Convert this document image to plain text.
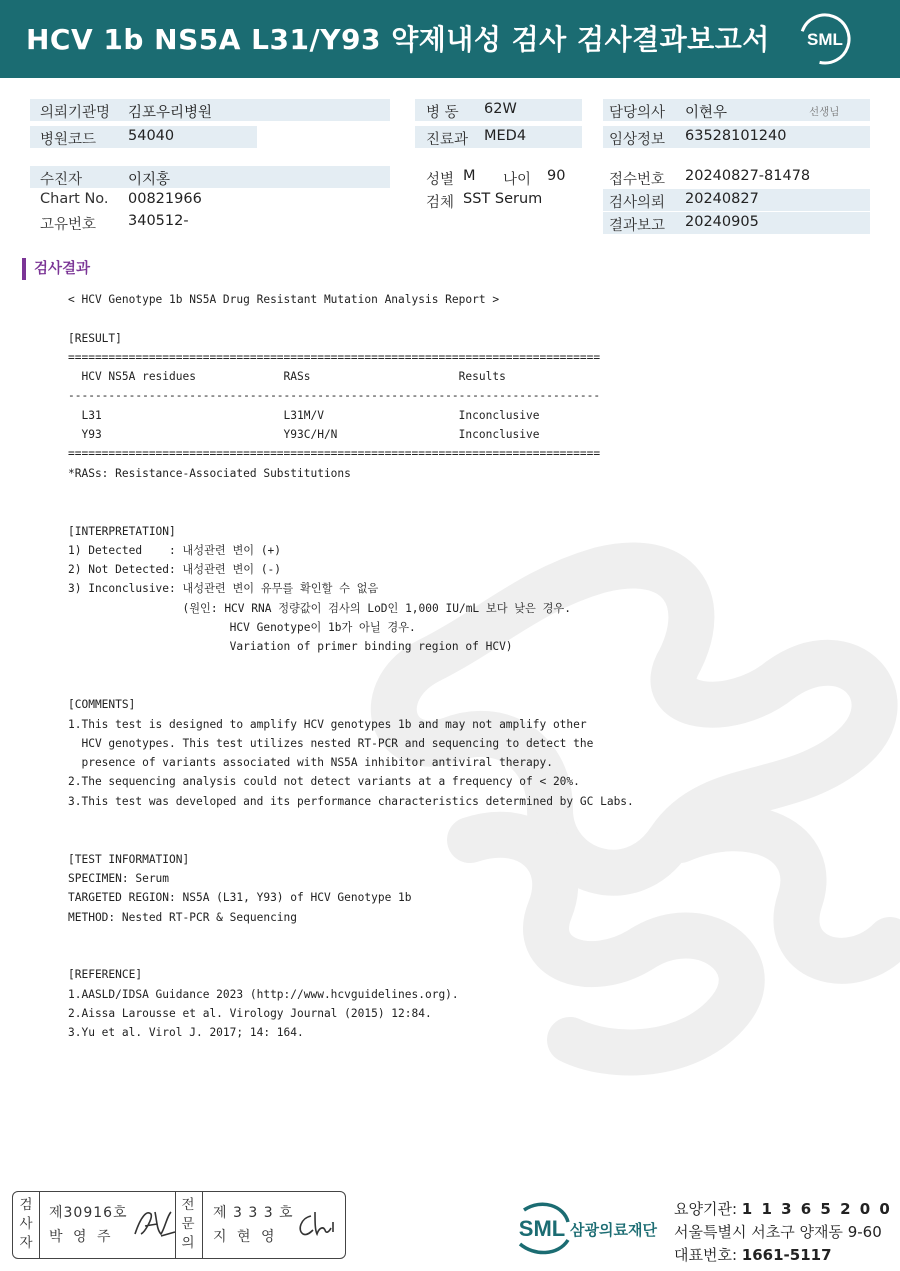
HCV 1b NS5A L31/Y93 약제내성 검사 검사결과보고서 SML
의뢰기관명 김포우리병원
병원코드 54040
수진자	이지홍
Chart No. 00821966
고유번호 340512-
병 동 62W
진료과 MED4
성별 M 나이 90
검체 SST Serum
담당의사 이현우	선생님
임상정보 63528101240
접수번호 20240827-81478
검사의뢰 20240827
결과보고 20240905
검사결과
< HCV Genotype 1b NS5A Drug Resistant Mutation Analysis Report >

[RESULT]
===============================================================================
HCV NS5A residues             RASs                      Results
-------------------------------------------------------------------------------
L31                           L31M/V                    Inconclusive
Y93                           Y93C/H/N                  Inconclusive
===============================================================================
*RASs: Resistance-Associated Substitutions

[INTERPRETATION]
1) Detected    : 내성관련 변이 (+)
2) Not Detected: 내성관련 변이 (-)
3) Inconclusive: 내성관련 변이 유무를 확인할 수 없음
(원인: HCV RNA 정량값이 검사의 LoD인 1,000 IU/mL 보다 낮은 경우.
HCV Genotype이 1b가 아닐 경우.
Variation of primer binding region of HCV)

[COMMENTS]
1.This test is designed to amplify HCV genotypes 1b and may not amplify other
HCV genotypes. This test utilizes nested RT-PCR and sequencing to detect the
presence of variants associated with NS5A inhibitor antiviral therapy.
2.The sequencing analysis could not detect variants at a frequency of < 20%.
3.This test was developed and its performance characteristics determined by GC Labs.

[TEST INFORMATION]
SPECIMEN: Serum
TARGETED REGION: NS5A (L31, Y93) of HCV Genotype 1b
METHOD: Nested RT-PCR & Sequencing

[REFERENCE]
1.AASLD/IDSA Guidance 2023 (http://www.hcvguidelines.org).
2.Aissa Larousse et al. Virology Journal (2015) 12:84.
3.Yu et al. Virol J. 2017; 14: 164.
검
사
자
제30916호
박 영 주
전
문
의
제 3 3 3 호
지 현 영	SML 삼광의료재단
요양기관: 1 1 3 6 5 2 0 0
서울특별시 서초구 양재동 9-60
대표번호: 1661-5117
